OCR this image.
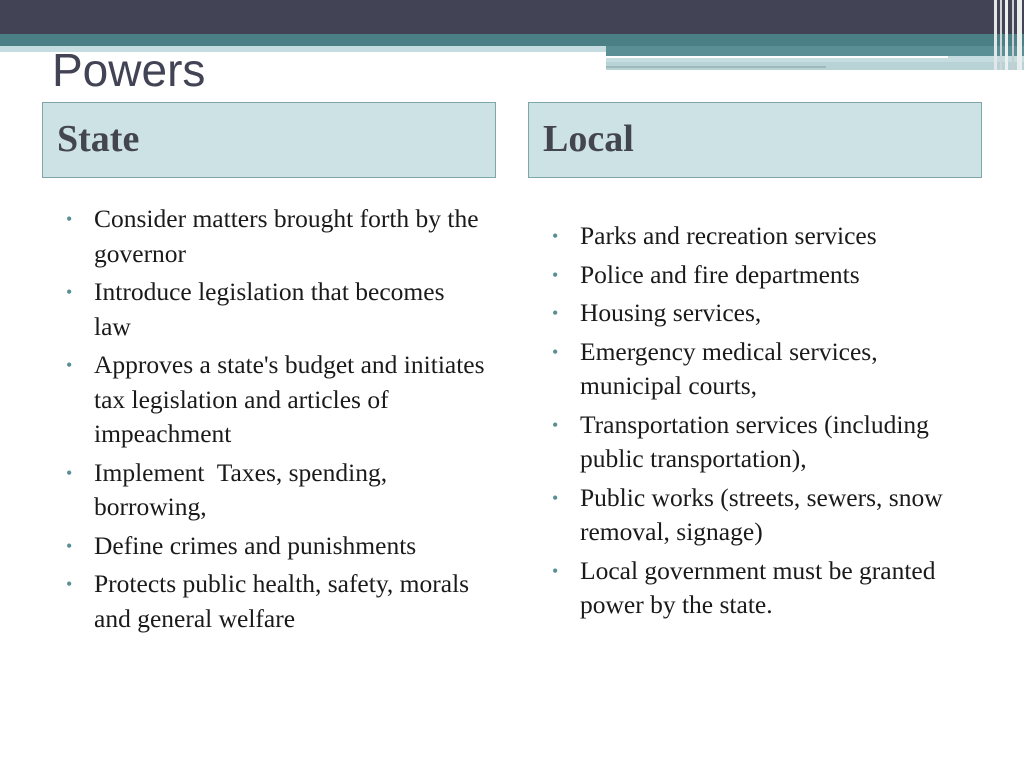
Powers
State	Local
• Consider matters brought forth by the governor
• Introduce legislation that becomes law
• Approves a state's budget and initiates tax legislation and articles of impeachment
• Implement  Taxes, spending, borrowing,
• Define crimes and punishments
• Protects public health, safety, morals and general welfare
• Parks and recreation services
• Police and fire departments
• Housing services,
• Emergency medical services, municipal courts,
• Transportation services (including public transportation),
• Public works (streets, sewers, snow removal, signage)
• Local government must be granted power by the state.
